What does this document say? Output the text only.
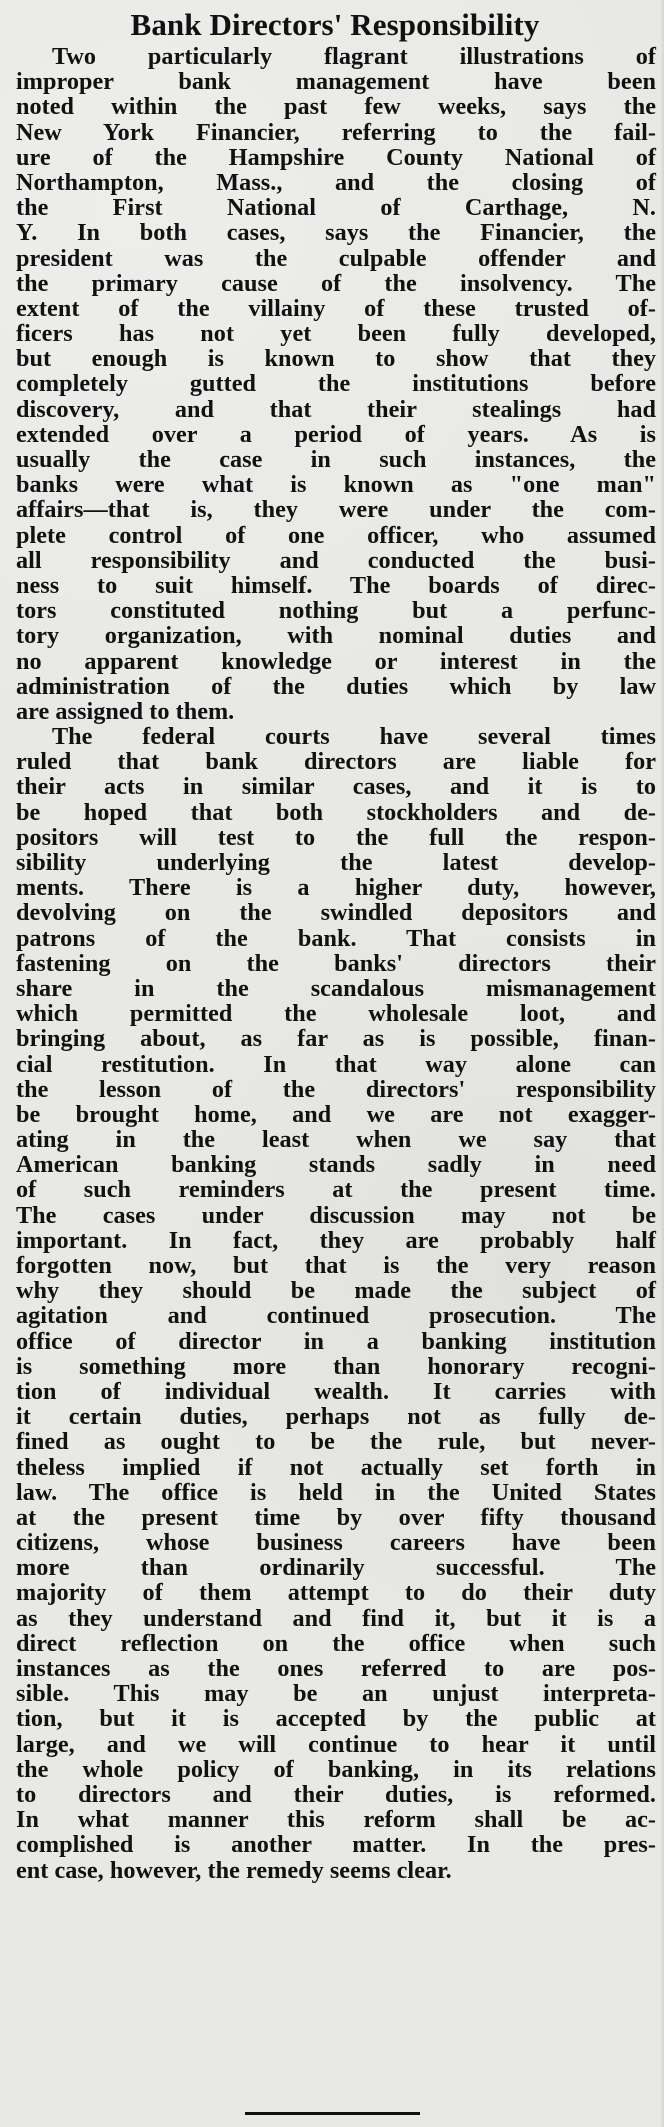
Bank Directors' Responsibility
Two particularly flagrant illustrations of
improper bank management have been
noted within the past few weeks, says the
New York Financier, referring to the fail-
ure of the Hampshire County National of
Northampton, Mass., and the closing of
the First National of Carthage, N.
Y. In both cases, says the Financier, the
president was the culpable offender and
the primary cause of the insolvency. The
extent of the villainy of these trusted of-
ficers has not yet been fully developed,
but enough is known to show that they
completely gutted the institutions before
discovery, and that their stealings had
extended over a period of years. As is
usually the case in such instances, the
banks were what is known as "one man"
affairs—that is, they were under the com-
plete control of one officer, who assumed
all responsibility and conducted the busi-
ness to suit himself. The boards of direc-
tors constituted nothing but a perfunc-
tory organization, with nominal duties and
no apparent knowledge or interest in the
administration of the duties which by law
are assigned to them.
The federal courts have several times
ruled that bank directors are liable for
their acts in similar cases, and it is to
be hoped that both stockholders and de-
positors will test to the full the respon-
sibility underlying the latest develop-
ments. There is a higher duty, however,
devolving on the swindled depositors and
patrons of the bank. That consists in
fastening on the banks' directors their
share in the scandalous mismanagement
which permitted the wholesale loot, and
bringing about, as far as is possible, finan-
cial restitution. In that way alone can
the lesson of the directors' responsibility
be brought home, and we are not exagger-
ating in the least when we say that
American banking stands sadly in need
of such reminders at the present time.
The cases under discussion may not be
important. In fact, they are probably half
forgotten now, but that is the very reason
why they should be made the subject of
agitation and continued prosecution. The
office of director in a banking institution
is something more than honorary recogni-
tion of individual wealth. It carries with
it certain duties, perhaps not as fully de-
fined as ought to be the rule, but never-
theless implied if not actually set forth in
law. The office is held in the United States
at the present time by over fifty thousand
citizens, whose business careers have been
more than ordinarily successful. The
majority of them attempt to do their duty
as they understand and find it, but it is a
direct reflection on the office when such
instances as the ones referred to are pos-
sible. This may be an unjust interpreta-
tion, but it is accepted by the public at
large, and we will continue to hear it until
the whole policy of banking, in its relations
to directors and their duties, is reformed.
In what manner this reform shall be ac-
complished is another matter. In the pres-
ent case, however, the remedy seems clear.
